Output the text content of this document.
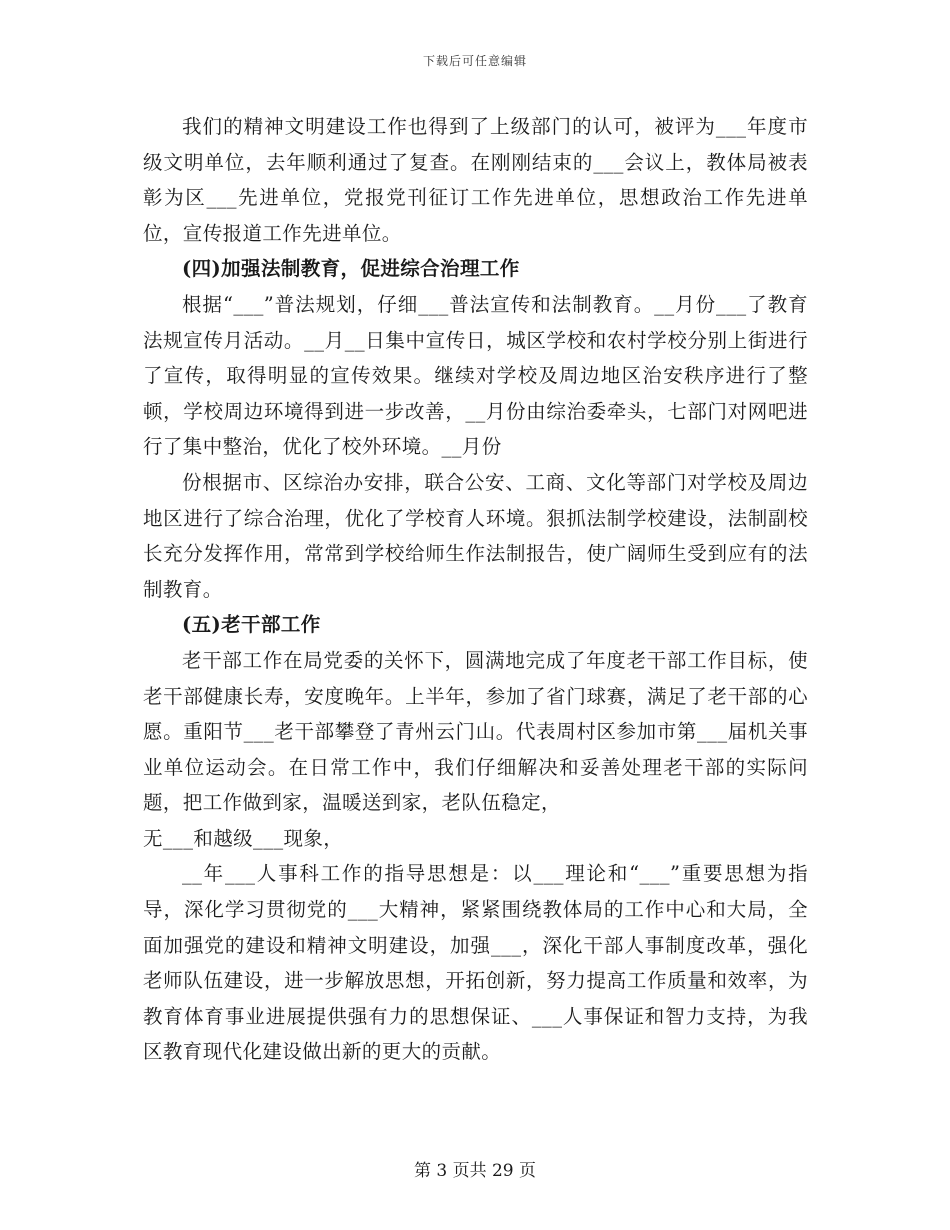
下载后可任意编辑

我们的精神文明建设工作也得到了上级部门的认可，被评为___年度市级文明单位，去年顺利通过了复查。在刚刚结束的___会议上，教体局被表彰为区___先进单位，党报党刊征订工作先进单位，思想政治工作先进单位，宣传报道工作先进单位。

(四)加强法制教育，促进综合治理工作

根据“___”普法规划，仔细___普法宣传和法制教育。__月份___了教育法规宣传月活动。__月__日集中宣传日，城区学校和农村学校分别上街进行了宣传，取得明显的宣传效果。继续对学校及周边地区治安秩序进行了整顿，学校周边环境得到进一步改善，__月份由综治委牵头，七部门对网吧进行了集中整治，优化了校外环境。__月份

份根据市、区综治办安排，联合公安、工商、文化等部门对学校及周边地区进行了综合治理，优化了学校育人环境。狠抓法制学校建设，法制副校长充分发挥作用，常常到学校给师生作法制报告，使广阔师生受到应有的法制教育。

(五)老干部工作

老干部工作在局党委的关怀下，圆满地完成了年度老干部工作目标，使老干部健康长寿，安度晚年。上半年，参加了省门球赛，满足了老干部的心愿。重阳节___老干部攀登了青州云门山。代表周村区参加市第___届机关事业单位运动会。在日常工作中，我们仔细解决和妥善处理老干部的实际问题，把工作做到家，温暖送到家，老队伍稳定，

无___和越级___现象，

__年___人事科工作的指导思想是：以___理论和“___”重要思想为指导，深化学习贯彻党的___大精神，紧紧围绕教体局的工作中心和大局，全面加强党的建设和精神文明建设，加强___，深化干部人事制度改革，强化老师队伍建设，进一步解放思想，开拓创新，努力提高工作质量和效率，为教育体育事业进展提供强有力的思想保证、___人事保证和智力支持，为我区教育现代化建设做出新的更大的贡献。

第 3 页共 29 页
